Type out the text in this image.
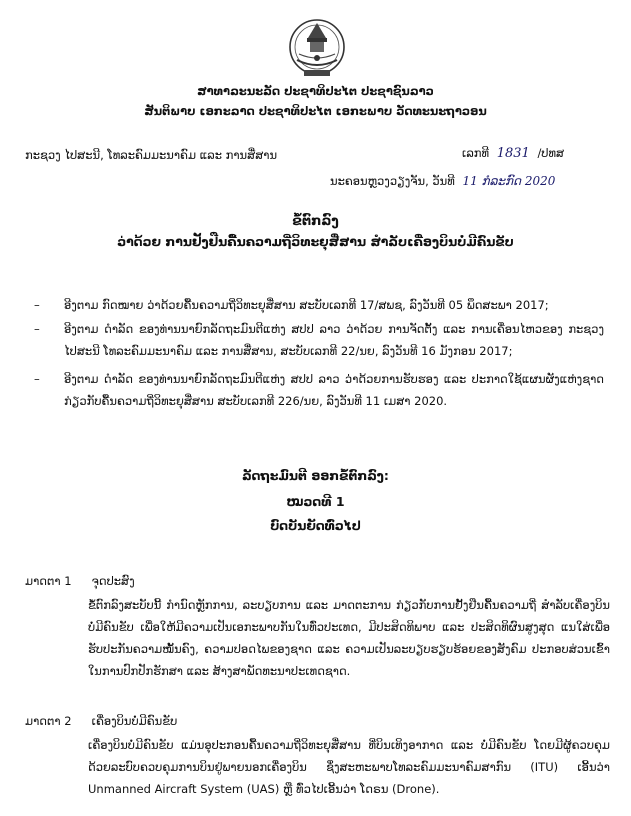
ສາທາລະນະລັດ ປະຊາທິປະໄຕ ປະຊາຊົນລາວ
ສັນຕິພາບ ເອກະລາດ ປະຊາທິປະໄຕ ເອກະພາບ ວັດທະນະຖາວອນ
ກະຊວງ ໄປສະນີ, ໂທລະຄົມມະນາຄົມ ແລະ ການສື່ສານ	ເລກທີ 1831 /ປທສ
ນະຄອນຫຼວງວຽງຈັນ, ວັນທີ 11 ກໍລະກົດ 2020
ຂໍ້ຕົກລົງ
ວ່າດ້ວຍ ການຢັ້ງຢືນຄື້ນຄວາມຖີ່ວິທະຍຸສື່ສານ ສໍາລັບເຄື່ອງບິນບໍ່ມີຄົນຂັບ
–	ອີງຕາມ ກົດໝາຍ ວ່າດ້ວຍຄື້ນຄວາມຖີ່ວິທະຍຸສື່ສານ ສະບັບເລກທີ 17/ສພຊ, ລົງວັນທີ 05 ພຶດສະພາ 2017;
–	ອີງຕາມ ດໍາລັດ ຂອງທ່ານນາຍົກລັດຖະມົນຕີແຫ່ງ ສປປ ລາວ ວ່າດ້ວຍ ການຈັດຕັ້ງ ແລະ ການເຄື່ອນໄຫວຂອງ ກະຊວງ ໄປສະນີ ໂທລະຄົມມະນາຄົມ ແລະ ການສື່ສານ, ສະບັບເລກທີ 22/ນຍ, ລົງວັນທີ 16 ມັງກອນ 2017;
–	ອີງຕາມ ດໍາລັດ ຂອງທ່ານນາຍົກລັດຖະມົນຕີແຫ່ງ ສປປ ລາວ ວ່າດ້ວຍການຮັບຮອງ ແລະ ປະກາດໃຊ້ແຜນຜັງແຫ່ງຊາດ ກ່ຽວກັບຄື້ນຄວາມຖີ່ວິທະຍຸສື່ສານ ສະບັບເລກທີ 226/ນຍ, ລົງວັນທີ 11 ເມສາ 2020.
ລັດຖະມົນຕີ ອອກຂໍ້ຕົກລົງ:
ໝວດທີ 1
ບົດບັນຍັດທົ່ວໄປ
ມາດຕາ 1 ຈຸດປະສົງ
ຂໍ້ຕົກລົງສະບັບນີ້ ກໍານົດຫຼັກການ, ລະບຽບການ ແລະ ມາດຕະການ ກ່ຽວກັບການຢັ້ງຢືນຄື້ນຄວາມຖີ່ ສໍາລັບເຄື່ອງບິນບໍ່ມີຄົນຂັບ ເພື່ອໃຫ້ມີຄວາມເປັນເອກະພາບກັນໃນທົ່ວປະເທດ, ມີປະສິດທິພາບ ແລະ ປະສິດທິຜົນສູງສຸດ ແນໃສ່ເພື່ອຮັບປະກັນຄວາມໝັ້ນຄົງ, ຄວາມປອດໄພຂອງຊາດ ແລະ ຄວາມເປັນລະບຽບຮຽບຮ້ອຍຂອງສັງຄົມ ປະກອບສ່ວນເຂົ້າໃນການປົກປັກຮັກສາ ແລະ ສ້າງສາພັດທະນາປະເທດຊາດ.
ມາດຕາ 2 ເຄື່ອງບິນບໍ່ມີຄົນຂັບ
ເຄື່ອງບິນບໍ່ມີຄົນຂັບ ແມ່ນອຸປະກອນຄື້ນຄວາມຖີ່ວິທະຍຸສື່ສານ ທີ່ບິນເທິງອາກາດ ແລະ ບໍ່ມີຄົນຂັບ ໂດຍມີຜູ້ຄວບຄຸມດ້ວຍລະບົບຄວບຄຸມການບິນຢູ່ພາຍນອກເຄື່ອງບິນ ຊຶ່ງສະຫະພາບໂທລະຄົມມະນາຄົມສາກົນ (ITU) ເອີ້ນວ່າ Unmanned Aircraft System (UAS) ຫຼື ທົ່ວໄປເອີ້ນວ່າ ໂດຣນ (Drone).
